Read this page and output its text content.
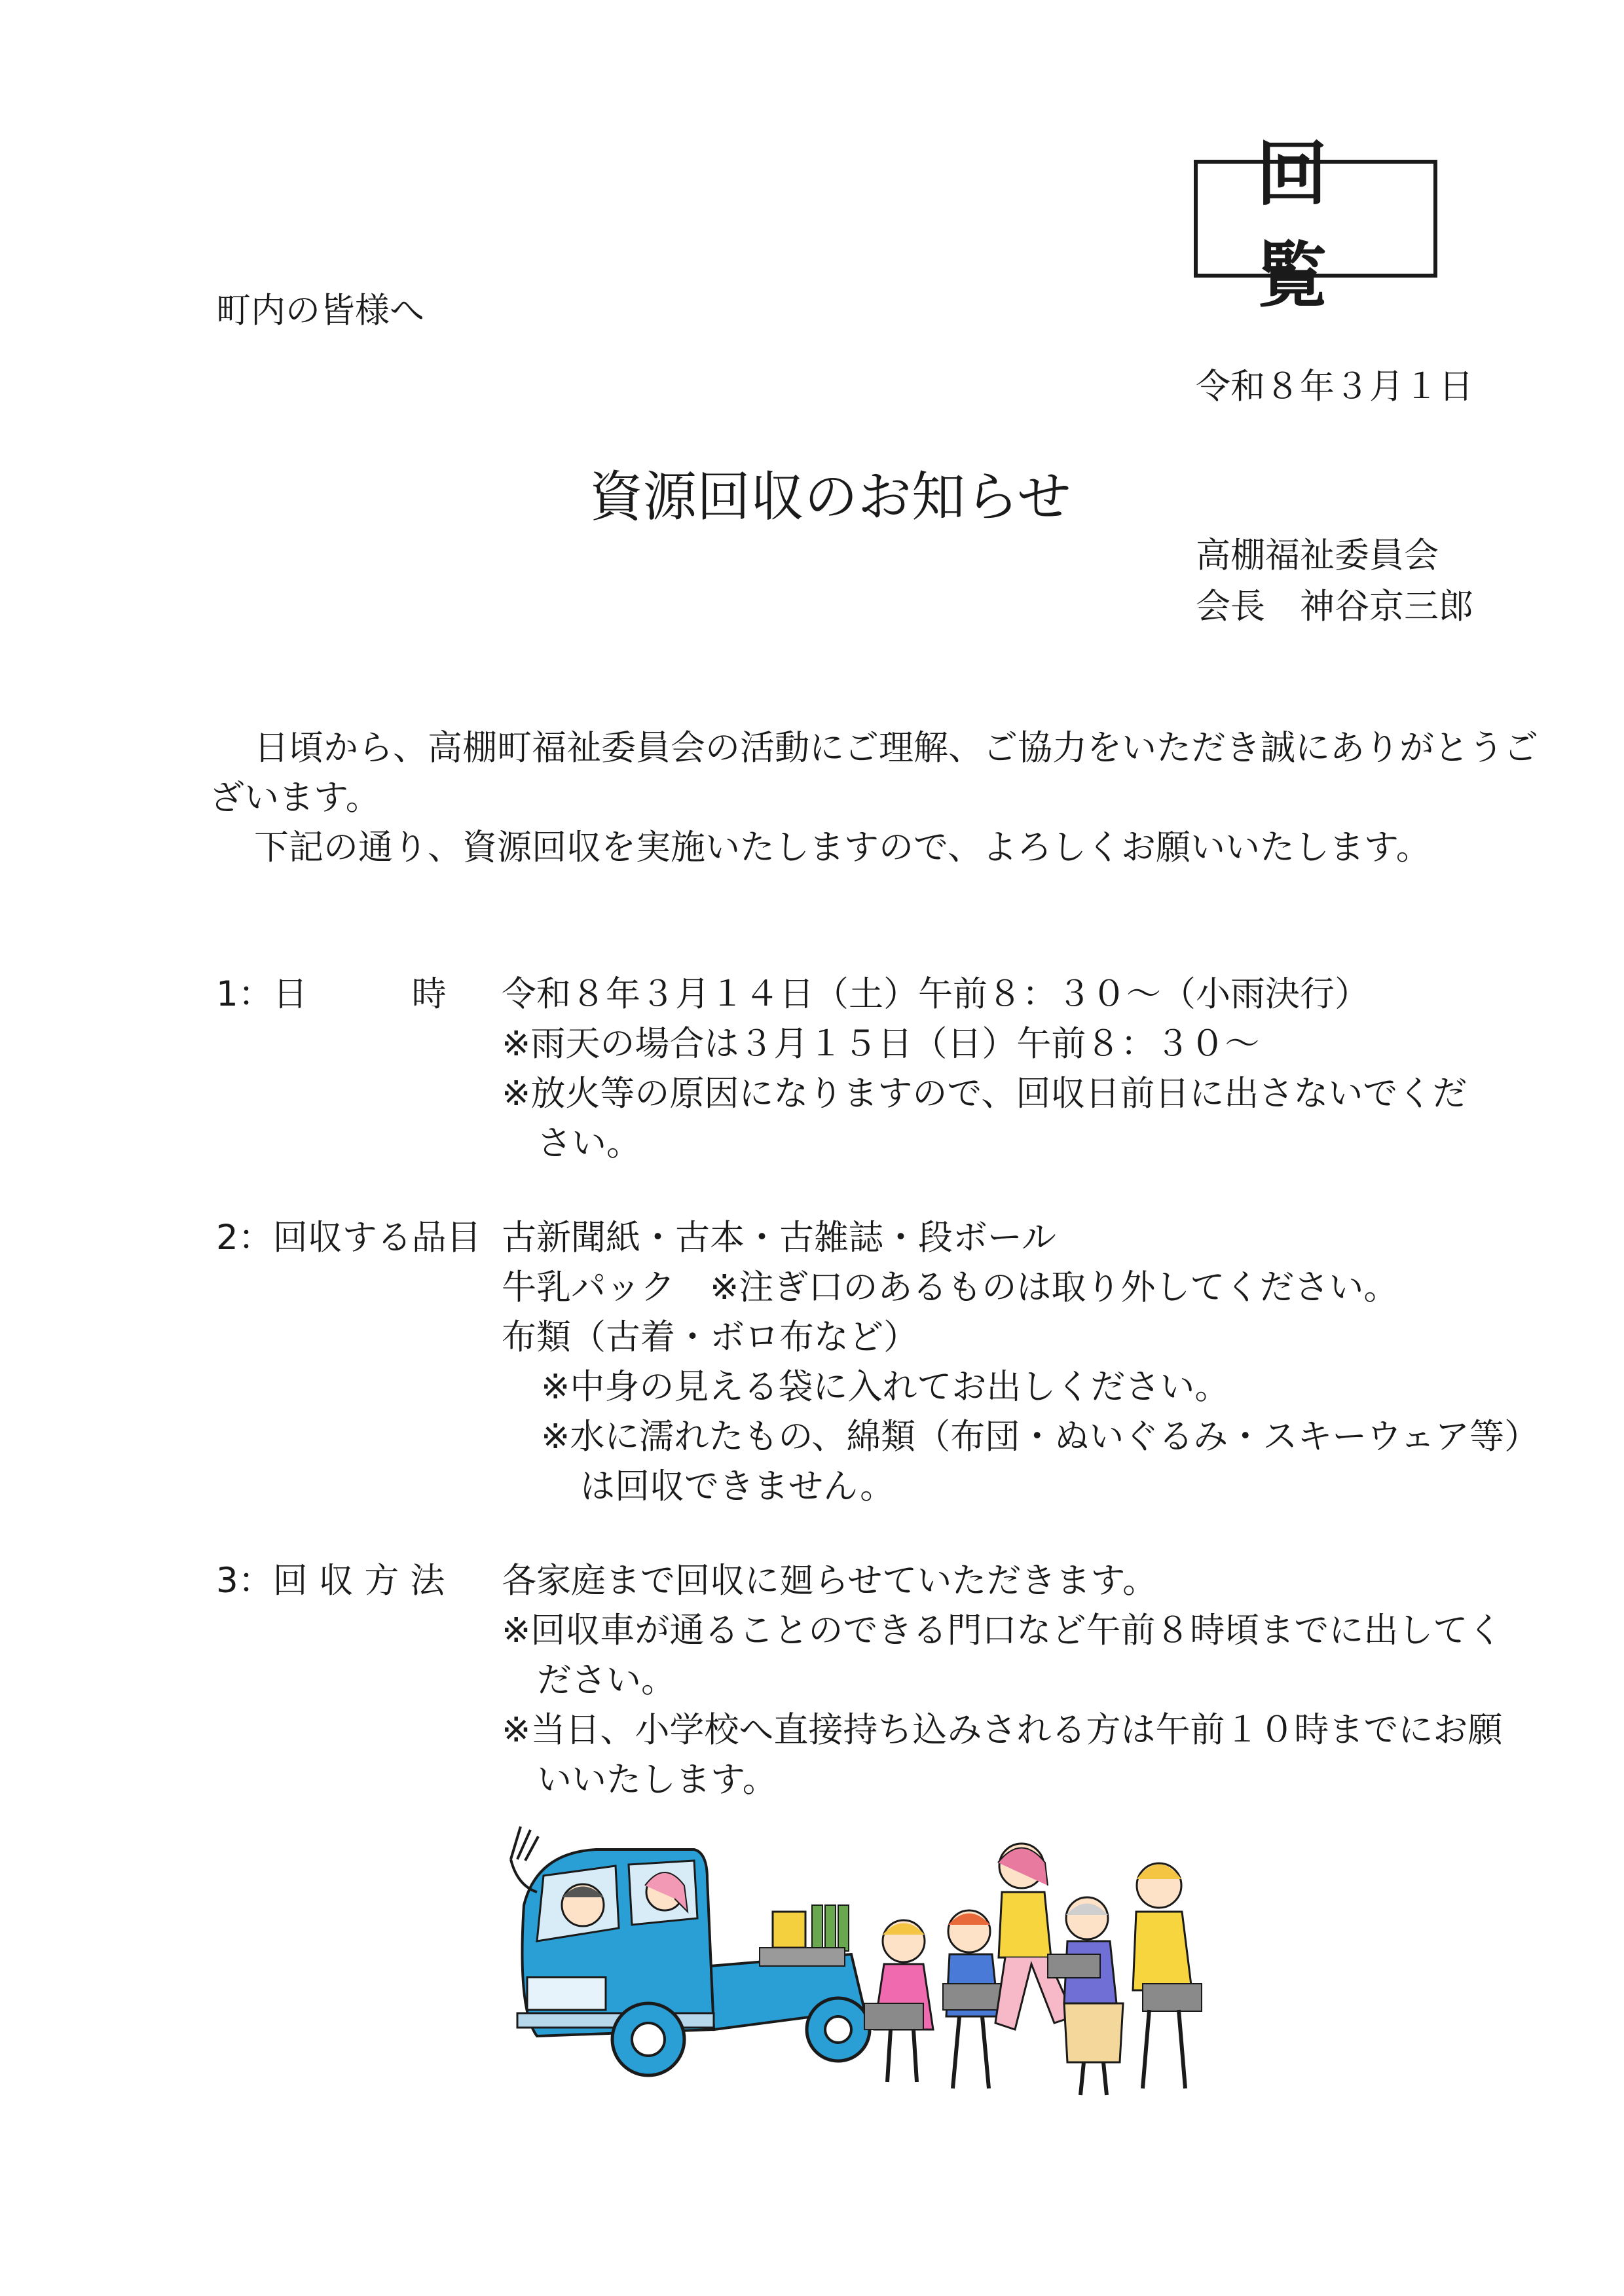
回 覧
町内の皆様へ
令和８年３月１日
資源回収のお知らせ
高棚福祉委員会
会長　神谷京三郎
日頃から、高棚町福祉委員会の活動にご理解、ご協力をいただき誠にありがとうご
ざいます。
下記の通り、資源回収を実施いたしますので、よろしくお願いいたします。
1：日　　　時 令和８年３月１４日（土）午前８：３０～（小雨決行）
※雨天の場合は３月１５日（日）午前８：３０～
※放火等の原因になりますので、回収日前日に出さないでくだ
さい。
2：回収する品目 古新聞紙・古本・古雑誌・段ボール
牛乳パック　※注ぎ口のあるものは取り外してください。
布類（古着・ボロ布など）
※中身の見える袋に入れてお出しください。
※水に濡れたもの、綿類（布団・ぬいぐるみ・スキーウェア等）
は回収できません。
3：回 収 方 法 各家庭まで回収に廻らせていただきます。
※回収車が通ることのできる門口など午前８時頃までに出してく
ださい。
※当日、小学校へ直接持ち込みされる方は午前１０時までにお願
いいたします。
